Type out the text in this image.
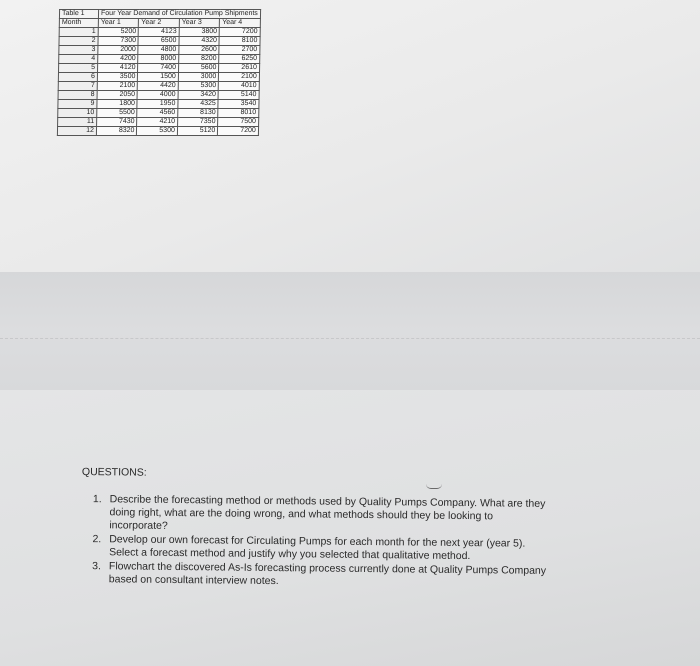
Table 1	Four Year Demand of Circulation Pump Shipments			
Month	Year 1	Year 2	Year 3	Year 4
1	5200	4123	3800	7200
2	7300	6500	4320	8100
3	2000	4800	2600	2700
4	4200	8000	8200	6250
5	4120	7400	5600	2610
6	3500	1500	3000	2100
7	2100	4420	5300	4010
8	2050	4000	3420	5140
9	1800	1950	4325	3540
10	5500	4560	8130	8010
11	7430	4210	7350	7500
12	8320	5300	5120	7200
QUESTIONS:
1. Describe the forecasting method or methods used by Quality Pumps Company. What are they
doing right, what are the doing wrong, and what methods should they be looking to
incorporate?
2. Develop our own forecast for Circulating Pumps for each month for the next year (year 5).
Select a forecast method and justify why you selected that qualitative method.
3. Flowchart the discovered As-Is forecasting process currently done at Quality Pumps Company
based on consultant interview notes.
